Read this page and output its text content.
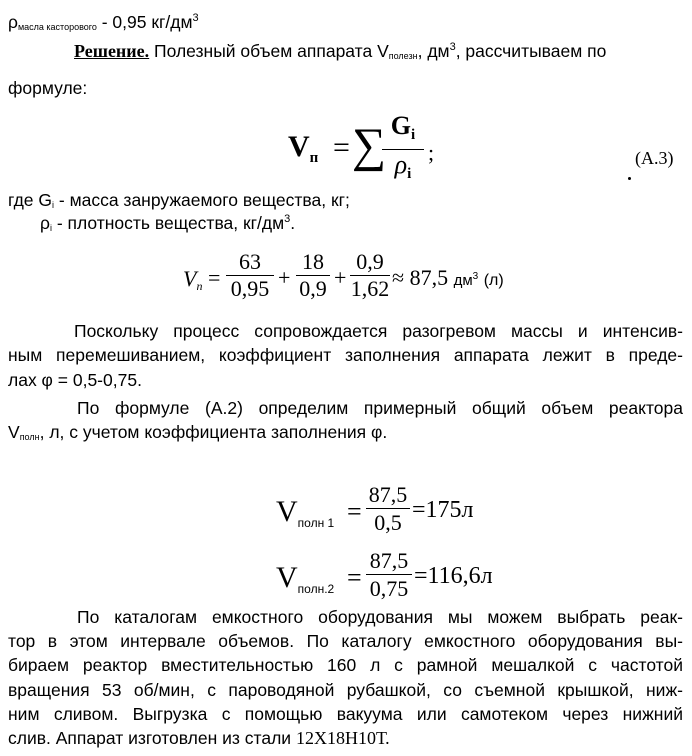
$\rho_{масла касторового} - 0,95$ $кг/дм^3$
Решение. Полезный объем аппарата $V_{полезн}$, $дм^3$, рассчитываем по
формуле:
$V_п$ = ∑ $G_i$
$\rho_i$
;	(А.3)
где $G_i$ - масса занружаемого вещества, кг;
$\rho_i$ - плотность вещества, $кг/дм^3$.
$V_п$ =
63
0,95 +
18
0,9 +
0,9
1,62 ≈ 87,5 $дм^3$ (л)
Поскольку процесс сопровождается разогревом массы и интенсив-
ным перемешиванием, коэффициент заполнения аппарата лежит в преде-
лах φ = 0,5-0,75.
По формуле (А.2) определим примерный общий объем реактора
$V_{полн}$, л, с учетом коэффициента заполнения φ.
$V_{полн 1}$ =
87,5
0,5 =175л
$V_{полн.2}$ =
87,5
0,75 =116,6л
По каталогам емкостного оборудования мы можем выбрать реак-
тор в этом интервале объемов. По каталогу емкостного оборудования вы-
бираем реактор вместительностью 160 л с рамной мешалкой с частотой
вращения 53 об/мин, с пароводяной рубашкой, со съемной крышкой, ниж-
ним сливом. Выгрузка с помощью вакуума или самотеком через нижний
слив. Аппарат изготовлен из стали 12Х18Н10Т.
